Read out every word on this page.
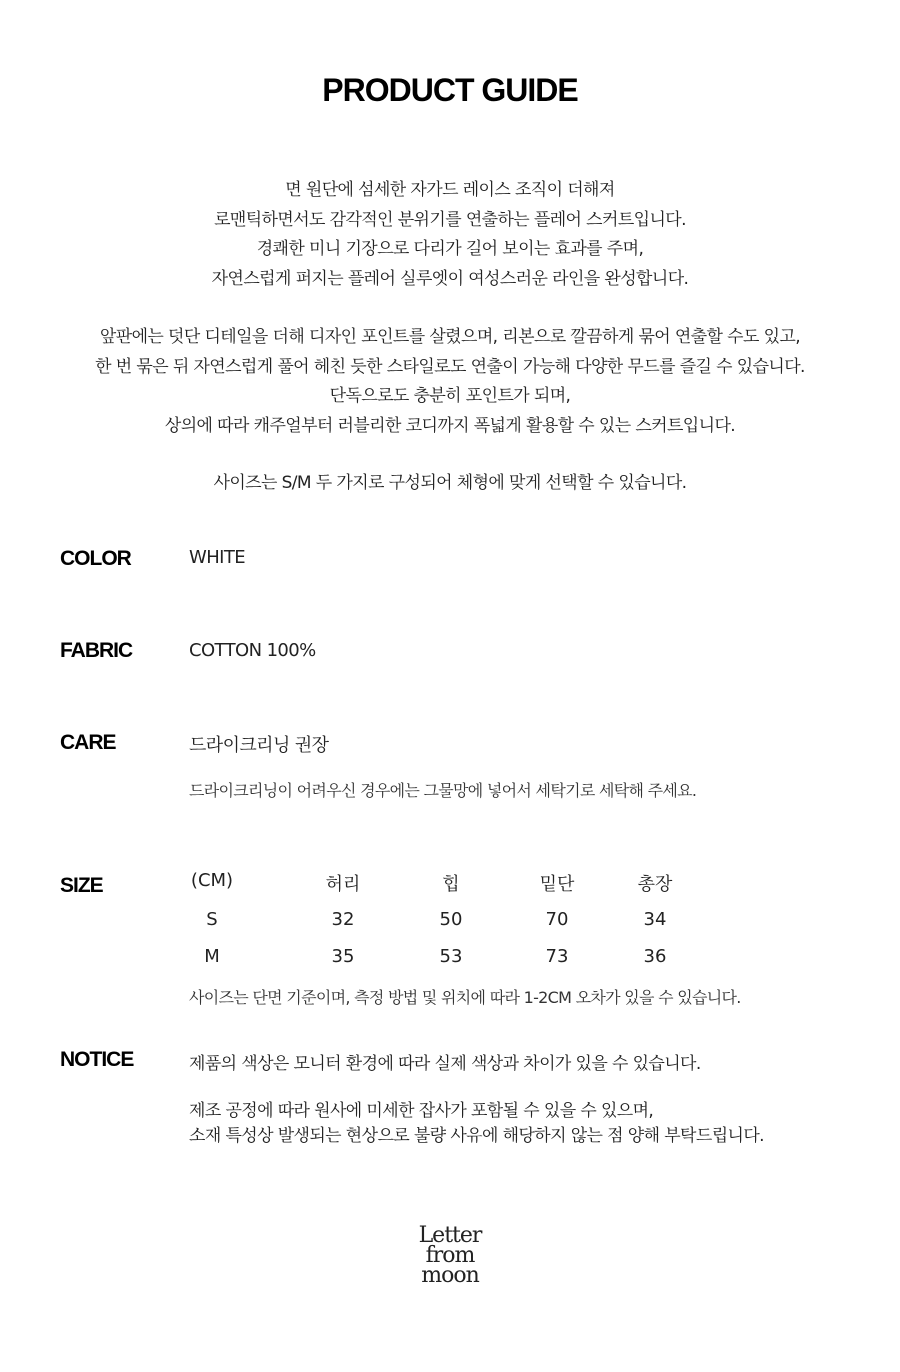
PRODUCT GUIDE

면 원단에 섬세한 자가드 레이스 조직이 더해져

로맨틱하면서도 감각적인 분위기를 연출하는 플레어 스커트입니다.

경쾌한 미니 기장으로 다리가 길어 보이는 효과를 주며,

자연스럽게 퍼지는 플레어 실루엣이 여성스러운 라인을 완성합니다.

앞판에는 덧단 디테일을 더해 디자인 포인트를 살렸으며, 리본으로 깔끔하게 묶어 연출할 수도 있고,

한 번 묶은 뒤 자연스럽게 풀어 헤친 듯한 스타일로도 연출이 가능해 다양한 무드를 즐길 수 있습니다.

단독으로도 충분히 포인트가 되며,

상의에 따라 캐주얼부터 러블리한 코디까지 폭넓게 활용할 수 있는 스커트입니다.

사이즈는 S/M 두 가지로 구성되어 체형에 맞게 선택할 수 있습니다.

COLOR	WHITE
FABRIC	COTTON 100%
CARE	드라이크리닝 권장
드라이크리닝이 어려우신 경우에는 그물망에 넣어서 세탁기로 세탁해 주세요.
SIZE	(CM)	허리	힙	밑단	총장
S	32	50	70	34
M	35	53	73	36
사이즈는 단면 기준이며, 측정 방법 및 위치에 따라 1-2CM 오차가 있을 수 있습니다.
NOTICE	제품의 색상은 모니터 환경에 따라 실제 색상과 차이가 있을 수 있습니다.

제조 공정에 따라 원사에 미세한 잡사가 포함될 수 있을 수 있으며,

소재 특성상 발생되는 현상으로 불량 사유에 해당하지 않는 점 양해 부탁드립니다.

Letter
from
moon
